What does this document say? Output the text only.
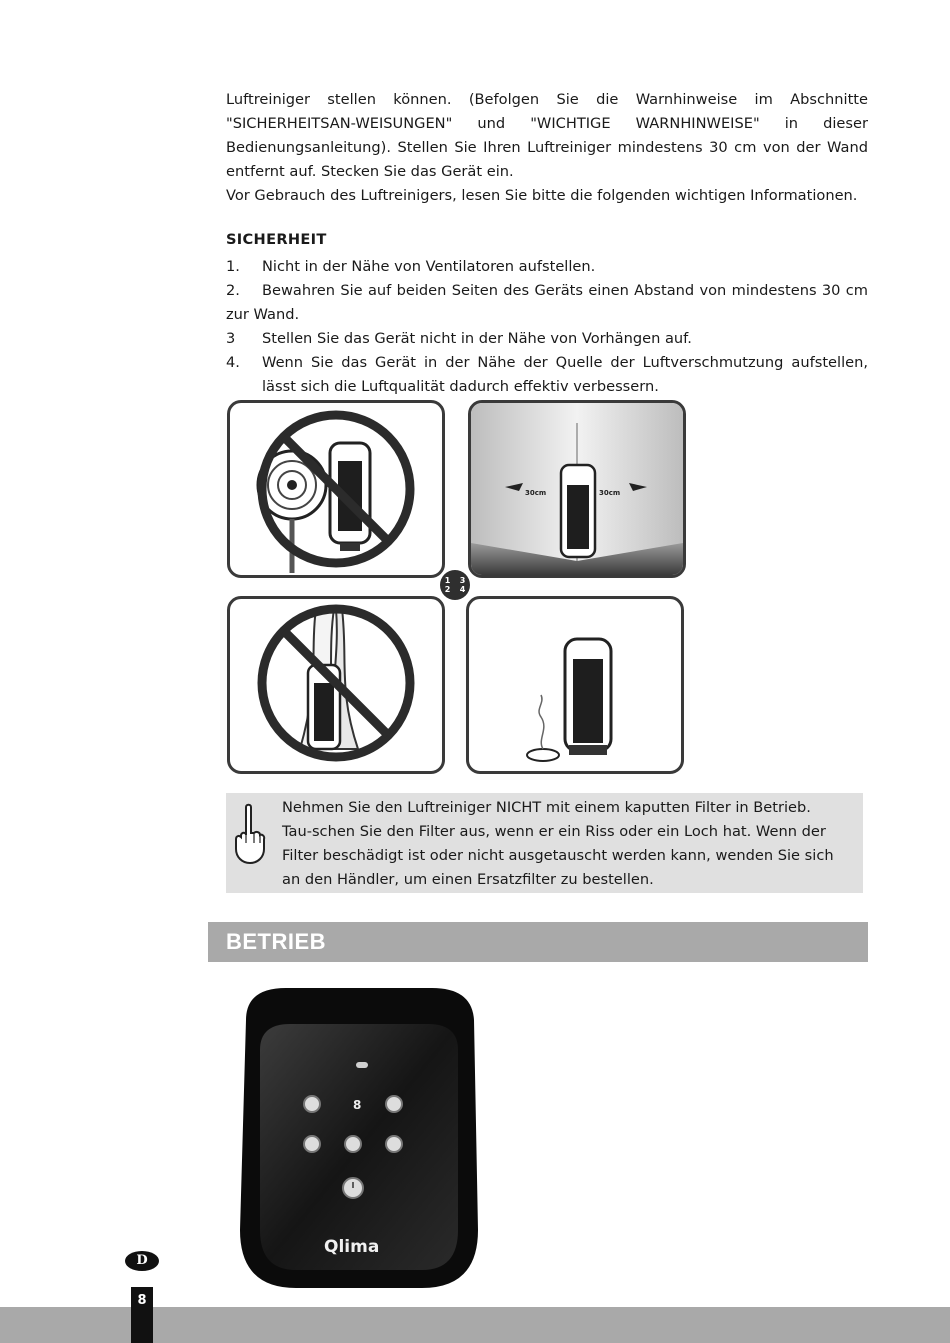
Luftreiniger stellen können. (Befolgen Sie die Warnhinweise im Abschnitte "SICHERHEITSAN-WEISUNGEN" und "WICHTIGE WARNHINWEISE" in dieser Bedienungsanleitung). Stellen Sie Ihren Luftreiniger mindestens 30 cm von der Wand entfernt auf. Stecken Sie das Gerät ein.
Vor Gebrauch des Luftreinigers, lesen Sie bitte die folgenden wichtigen Informationen.
SICHERHEIT
1.	Nicht in der Nähe von Ventilatoren aufstellen.
2. Bewahren Sie auf beiden Seiten des Geräts einen Abstand von mindestens 30 cm zur Wand.
3	Stellen Sie das Gerät nicht in der Nähe von Vorhängen auf.
4.	Wenn Sie das Gerät in der Nähe der Quelle der Luftverschmutzung aufstellen, lässt sich die Luftqualität dadurch effektiv verbessern.
30cm	30cm
1 3
2 4
Nehmen Sie den Luftreiniger NICHT mit einem kaputten Filter in Betrieb. Tau-schen Sie den Filter aus, wenn er ein Riss oder ein Loch hat. Wenn der Filter beschädigt ist oder nicht ausgetauscht werden kann, wenden Sie sich an den Händler, um einen Ersatzfilter zu bestellen.
BETRIEB
8
Qlima
D
8
